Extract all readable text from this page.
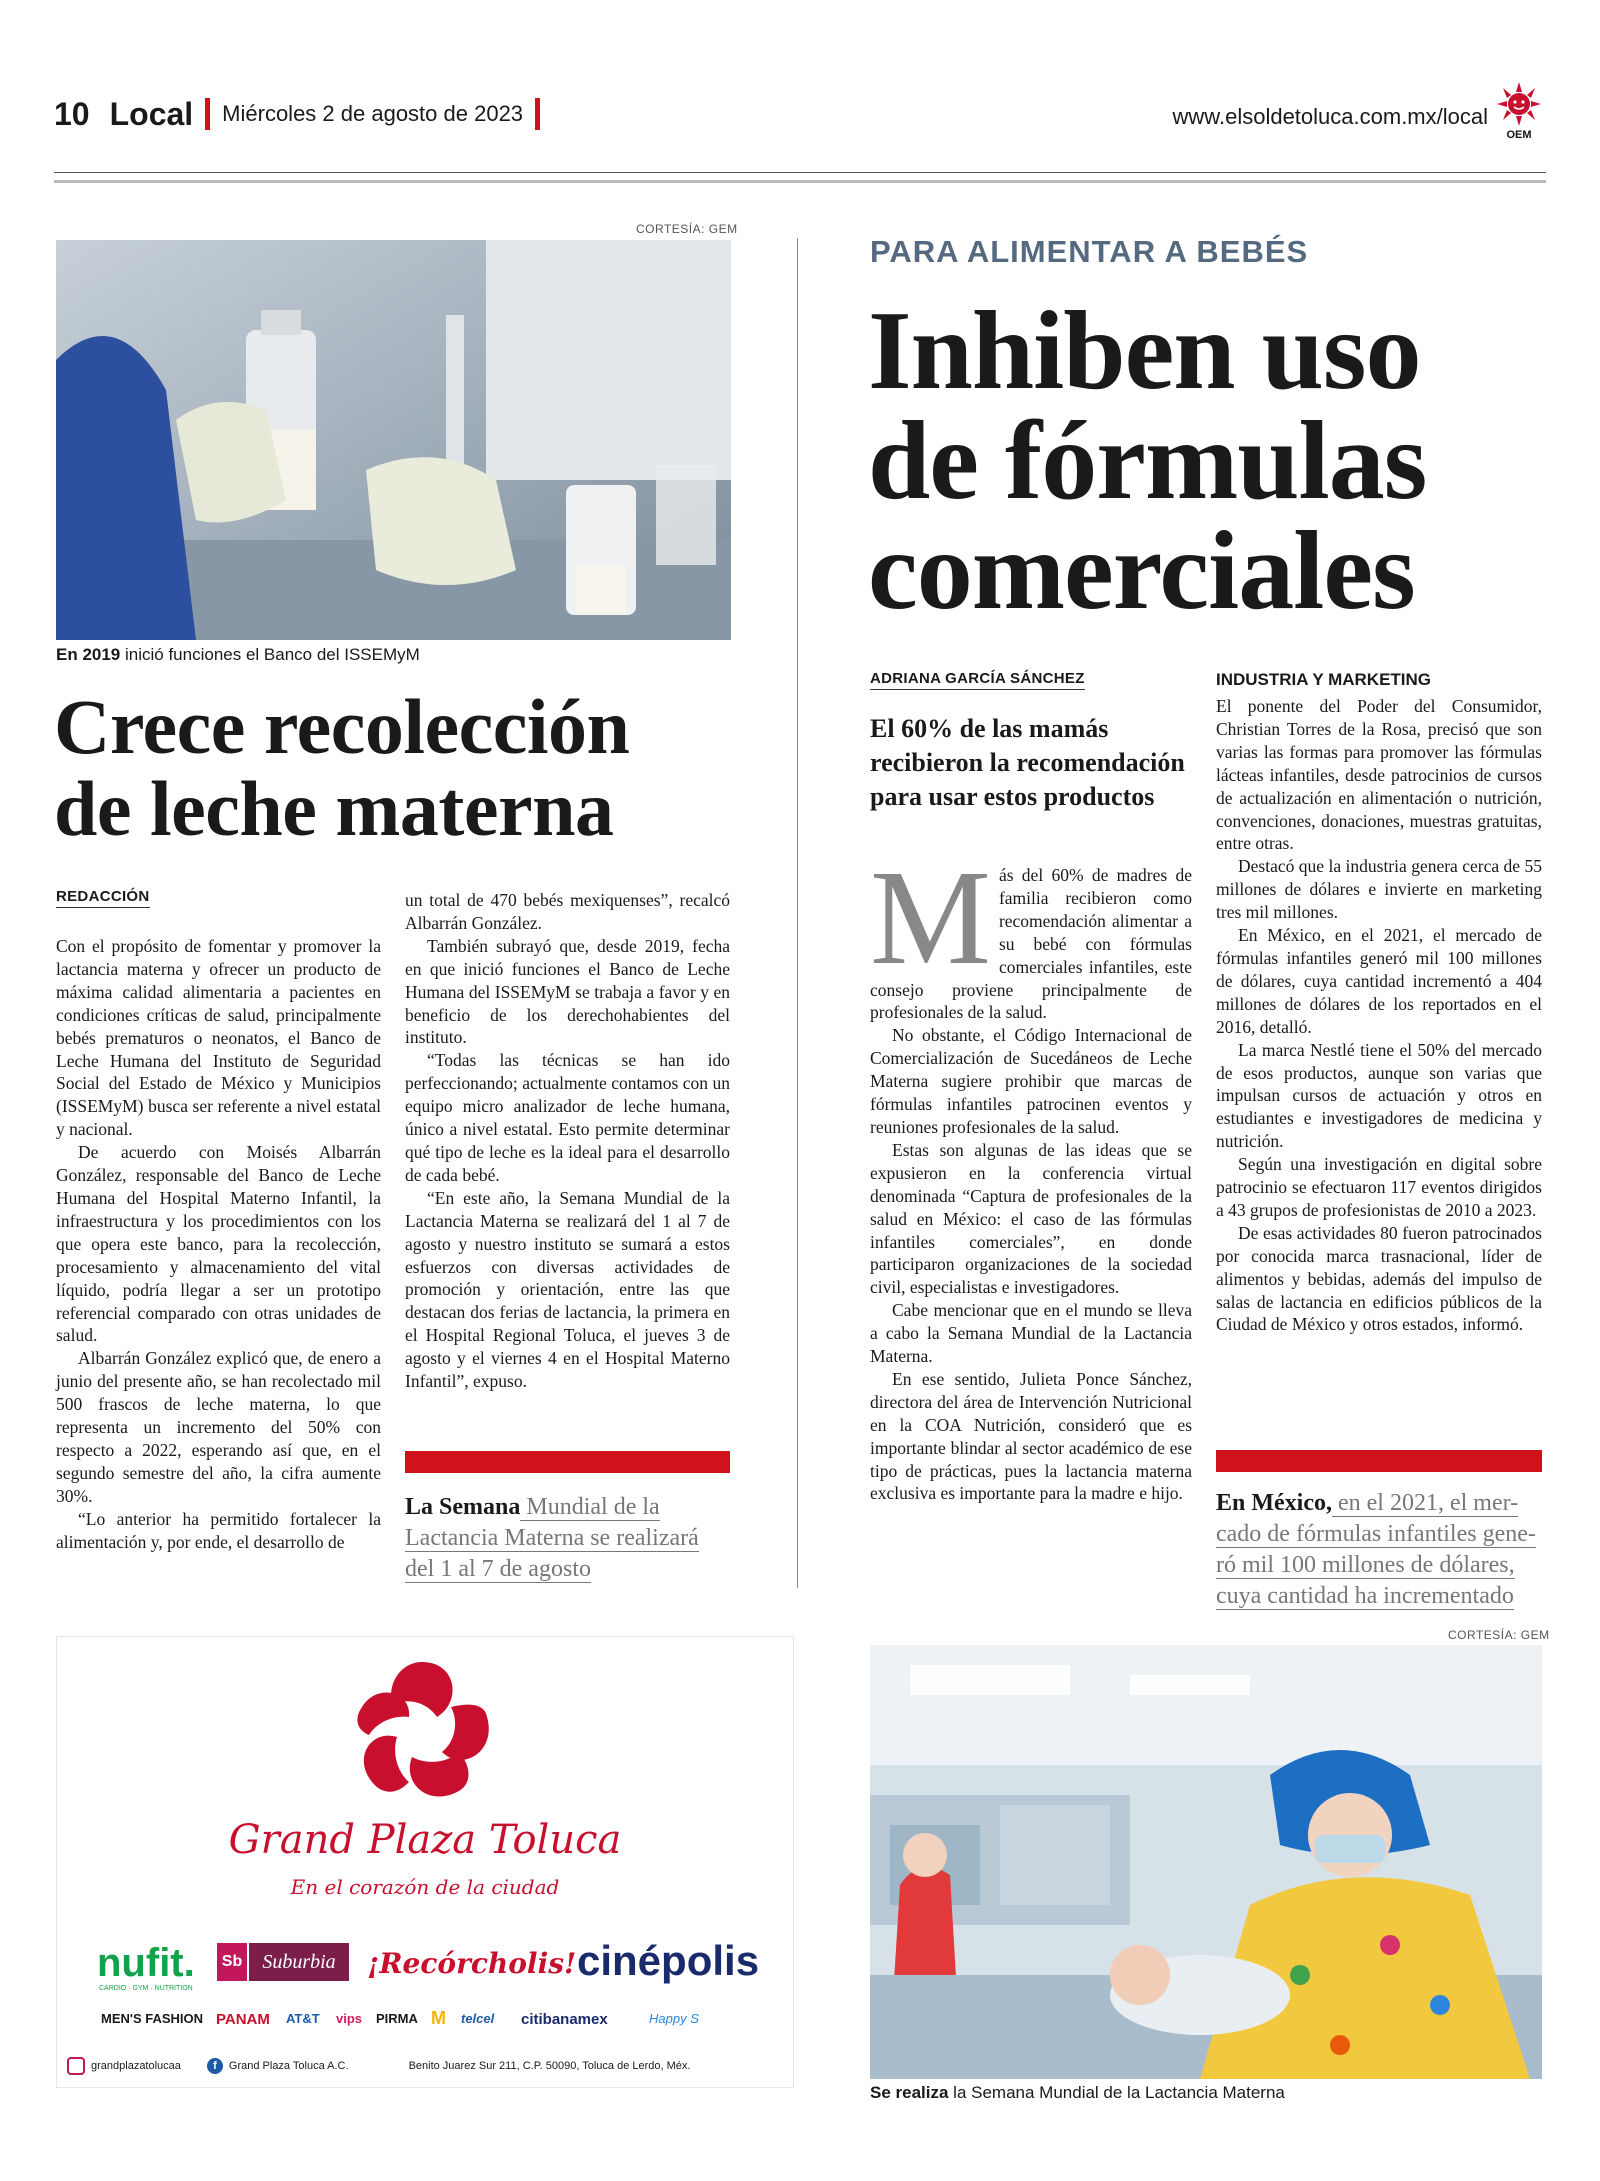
10 Local Miércoles 2 de agosto de 2023	www.elsoldetoluca.com.mx/local
OEM
CORTESÍA: GEM
En 2019 inició funciones el Banco del ISSEMyM
Crece recolección
de leche materna
REDACCIÓN

Con el propósito de fomentar y promover la lactancia materna y ofrecer un producto de máxima calidad alimentaria a pacientes en condiciones críticas de salud, principalmente bebés prematuros o neonatos, el Banco de Leche Humana del Instituto de Seguridad Social del Estado de México y Municipios (ISSEMyM) busca ser referente a nivel estatal y nacional.

De acuerdo con Moisés Albarrán González, responsable del Banco de Leche Humana del Hospital Materno Infantil, la infraestructura y los procedimientos con los que opera este banco, para la recolección, procesamiento y almacenamiento del vital líquido, podría llegar a ser un prototipo referencial comparado con otras unidades de salud.

Albarrán González explicó que, de enero a junio del presente año, se han recolectado mil 500 frascos de leche materna, lo que representa un incremento del 50% con respecto a 2022, esperando así que, en el segundo semestre del año, la cifra aumente 30%.

“Lo anterior ha permitido fortalecer la alimentación y, por ende, el desarrollo de

un total de 470 bebés mexiquenses”, recalcó Albarrán González.

También subrayó que, desde 2019, fecha en que inició funciones el Banco de Leche Humana del ISSEMyM se trabaja a favor y en beneficio de los derechohabientes del instituto.

“Todas las técnicas se han ido perfeccionando; actualmente contamos con un equipo micro analizador de leche humana, único a nivel estatal. Esto permite determinar qué tipo de leche es la ideal para el desarrollo de cada bebé.

“En este año, la Semana Mundial de la Lactancia Materna se realizará del 1 al 7 de agosto y nuestro instituto se sumará a estos esfuerzos con diversas actividades de promoción y orientación, entre las que destacan dos ferias de lactancia, la primera en el Hospital Regional Toluca, el jueves 3 de agosto y el viernes 4 en el Hospital Materno Infantil”, expuso.

La Semana Mundial de la
Lactancia Materna se realizará
del 1 al 7 de agosto
PARA ALIMENTAR A BEBÉS
Inhiben uso
de fórmulas
comerciales
ADRIANA GARCÍA SÁNCHEZ
El 60% de las mamás recibieron la recomendación para usar estos productos

Más del 60% de madres de familia recibieron como recomendación alimentar a su bebé con fórmulas comerciales infantiles, este consejo proviene principalmente de profesionales de la salud.

No obstante, el Código Internacional de Comercialización de Sucedáneos de Leche Materna sugiere prohibir que marcas de fórmulas infantiles patrocinen eventos y reuniones profesionales de la salud.

Estas son algunas de las ideas que se expusieron en la conferencia virtual denominada “Captura de profesionales de la salud en México: el caso de las fórmulas infantiles comerciales”, en donde participaron organizaciones de la sociedad civil, especialistas e investigadores.

Cabe mencionar que en el mundo se lleva a cabo la Semana Mundial de la Lactancia Materna.

En ese sentido, Julieta Ponce Sánchez, directora del área de Intervención Nutricional en la COA Nutrición, consideró que es importante blindar al sector académico de ese tipo de prácticas, pues la lactancia materna exclusiva es importante para la madre e hijo.

INDUSTRIA Y MARKETING

El ponente del Poder del Consumidor, Christian Torres de la Rosa, precisó que son varias las formas para promover las fórmulas lácteas infantiles, desde patrocinios de cursos de actualización en alimentación o nutrición, convenciones, donaciones, muestras gratuitas, entre otras.

Destacó que la industria genera cerca de 55 millones de dólares e invierte en marketing tres mil millones.

En México, en el 2021, el mercado de fórmulas infantiles generó mil 100 millones de dólares, cuya cantidad incrementó a 404 millones de dólares de los reportados en el 2016, detalló.

La marca Nestlé tiene el 50% del mercado de esos productos, aunque son varias que impulsan cursos de actuación y otros en estudiantes e investigadores de medicina y nutrición.

Según una investigación en digital sobre patrocinio se efectuaron 117 eventos dirigidos a 43 grupos de profesionistas de 2010 a 2023.

De esas actividades 80 fueron patrocinados por conocida marca trasnacional, líder de alimentos y bebidas, además del impulso de salas de lactancia en edificios públicos de la Ciudad de México y otros estados, informó.

En México, en el 2021, el mer-
cado de fórmulas infantiles gene-
ró mil 100 millones de dólares,
cuya cantidad ha incrementado
CORTESÍA: GEM
Se realiza la Semana Mundial de la Lactancia Materna
Grand Plaza Toluca
En el corazón de la ciudad
nufit.
CARDIO · GYM · NUTRITION
Sb	Suburbia	¡Recórcholis! cinépolis
MEN'S FASHION PANAM AT&T vips PIRMA M telcel citibanamex	Happy S
grandplazatolucaa	f	Grand Plaza Toluca A.C.	Benito Juarez Sur 211, C.P. 50090, Toluca de Lerdo, Méx.
